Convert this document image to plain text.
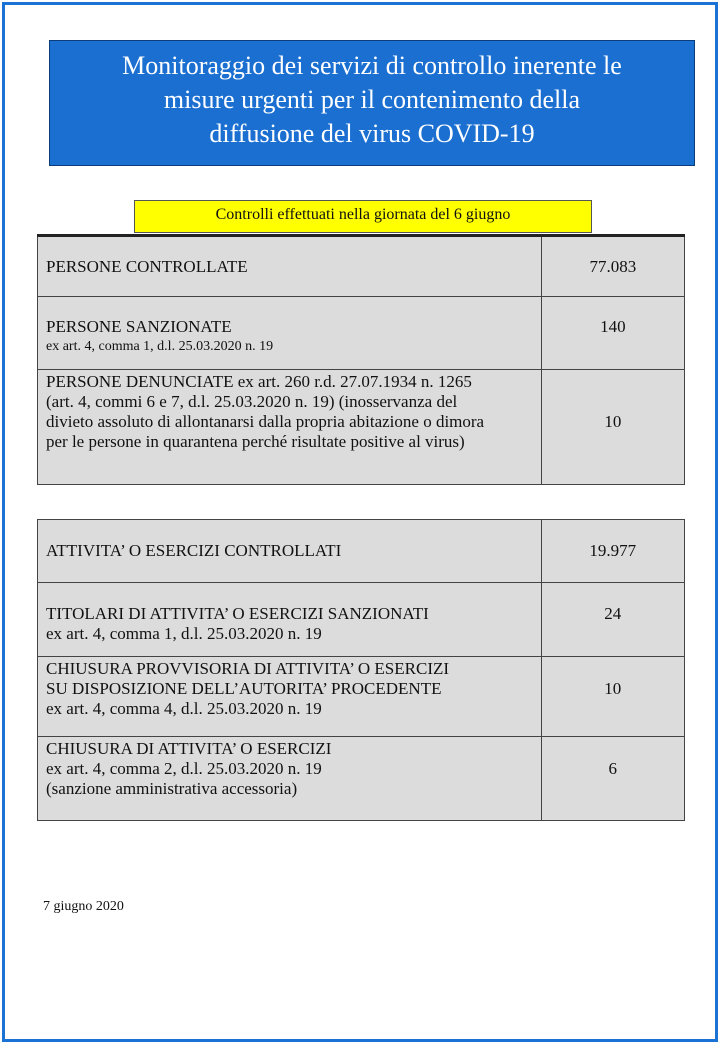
Monitoraggio dei servizi di controllo inerente le
misure urgenti per il contenimento della
diffusione del virus COVID-19
Controlli effettuati nella giornata del 6 giugno
PERSONE CONTROLLATE	77.083

PERSONE SANZIONATE
ex art. 4, comma 1, d.l. 25.03.2020 n. 19	140

PERSONE DENUNCIATE ex art. 260 r.d. 27.07.1934 n. 1265
(art. 4, commi 6 e 7, d.l. 25.03.2020 n. 19) (inosservanza del
divieto assoluto di allontanarsi dalla propria abitazione o dimora
per le persone in quarantena perché risultate positive al virus)	10
ATTIVITA’ O ESERCIZI CONTROLLATI	19.977

TITOLARI DI ATTIVITA’ O ESERCIZI SANZIONATI
ex art. 4, comma 1, d.l. 25.03.2020 n. 19	24

CHIUSURA PROVVISORIA DI ATTIVITA’ O ESERCIZI
SU DISPOSIZIONE DELL’AUTORITA’ PROCEDENTE
ex art. 4, comma 4, d.l. 25.03.2020 n. 19	10

CHIUSURA DI ATTIVITA’ O ESERCIZI
ex art. 4, comma 2, d.l. 25.03.2020 n. 19
(sanzione amministrativa accessoria)	6
7 giugno 2020
